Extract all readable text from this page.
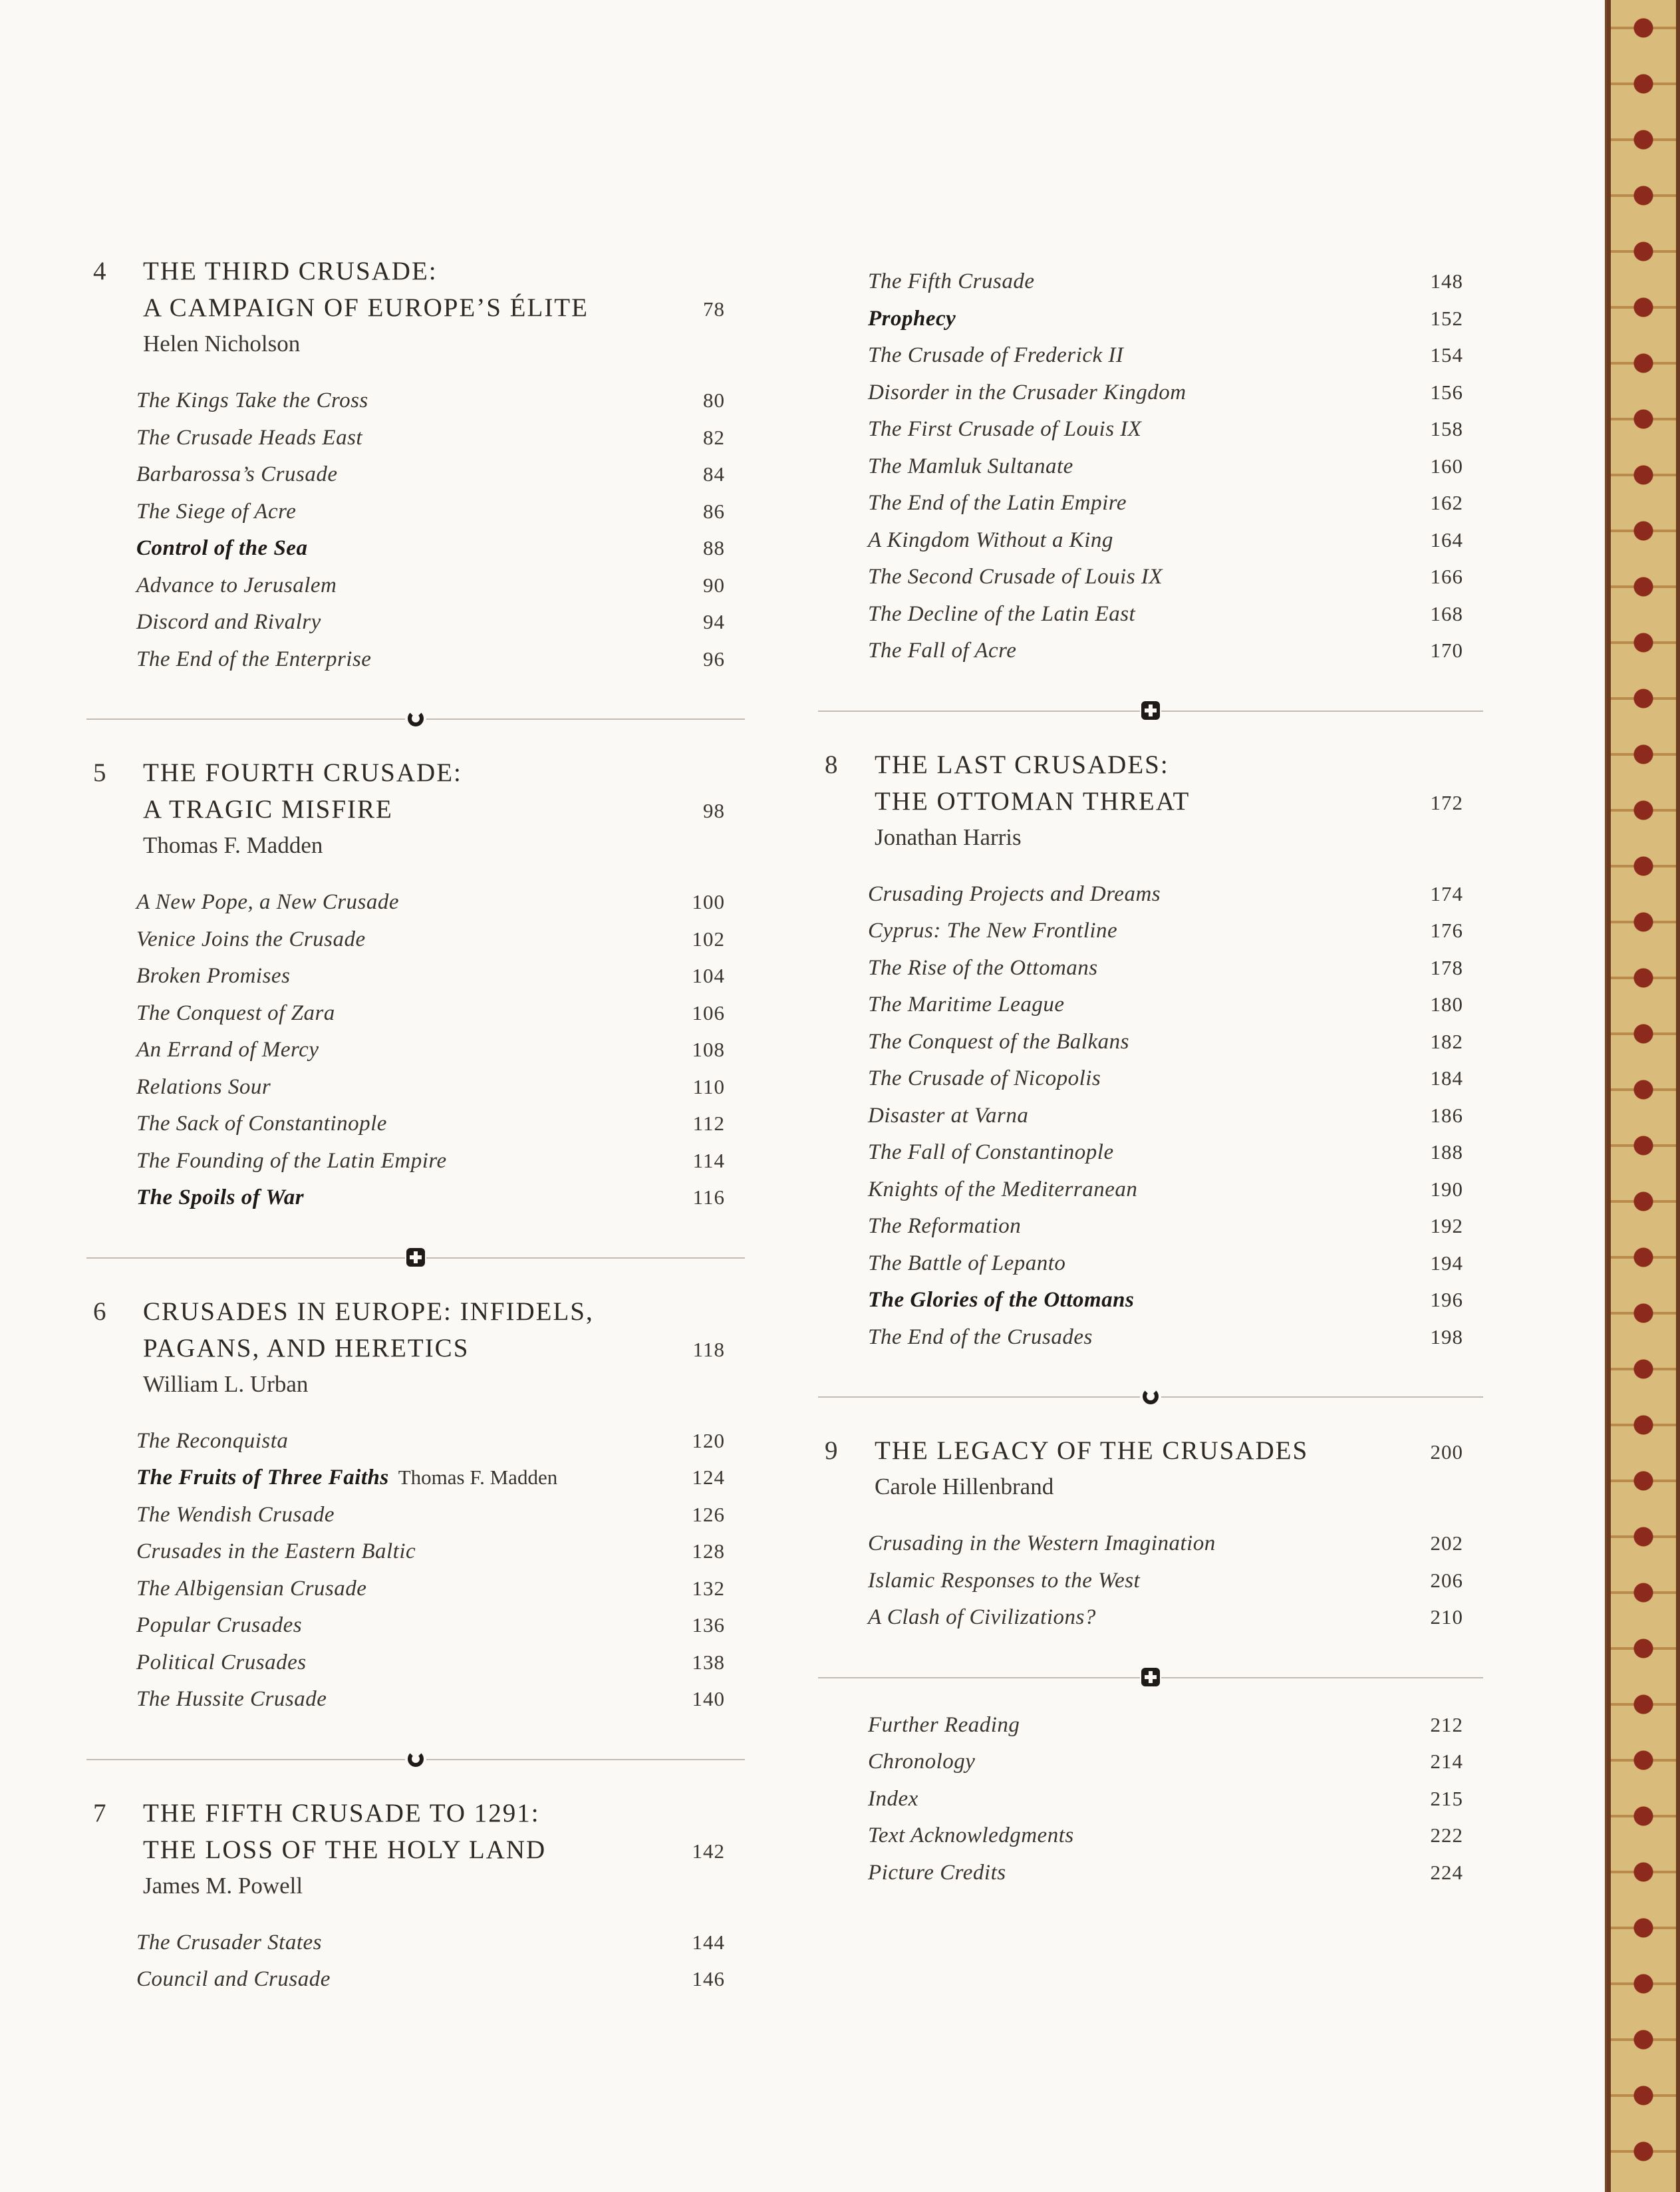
4	THE THIRD CRUSADE:
A CAMPAIGN OF EUROPE’S ÉLITE	78
Helen Nicholson
The Kings Take the Cross	80
The Crusade Heads East	82
Barbarossa’s Crusade	84
The Siege of Acre	86
Control of the Sea	88
Advance to Jerusalem	90
Discord and Rivalry	94
The End of the Enterprise	96
5	THE FOURTH CRUSADE:
A TRAGIC MISFIRE	98
Thomas F. Madden
A New Pope, a New Crusade	100
Venice Joins the Crusade	102
Broken Promises	104
The Conquest of Zara	106
An Errand of Mercy	108
Relations Sour	110
The Sack of Constantinople	112
The Founding of the Latin Empire	114
The Spoils of War	116
6	CRUSADES IN EUROPE: INFIDELS,
PAGANS, AND HERETICS	118
William L. Urban
The Reconquista	120
The Fruits of Three Faiths Thomas F. Madden	124
The Wendish Crusade	126
Crusades in the Eastern Baltic	128
The Albigensian Crusade	132
Popular Crusades	136
Political Crusades	138
The Hussite Crusade	140
7	THE FIFTH CRUSADE TO 1291:
THE LOSS OF THE HOLY LAND	142
James M. Powell
The Crusader States	144
Council and Crusade	146
The Fifth Crusade	148
Prophecy	152
The Crusade of Frederick II	154
Disorder in the Crusader Kingdom	156
The First Crusade of Louis IX	158
The Mamluk Sultanate	160
The End of the Latin Empire	162
A Kingdom Without a King	164
The Second Crusade of Louis IX	166
The Decline of the Latin East	168
The Fall of Acre	170
8	THE LAST CRUSADES:
THE OTTOMAN THREAT	172
Jonathan Harris
Crusading Projects and Dreams	174
Cyprus: The New Frontline	176
The Rise of the Ottomans	178
The Maritime League	180
The Conquest of the Balkans	182
The Crusade of Nicopolis	184
Disaster at Varna	186
The Fall of Constantinople	188
Knights of the Mediterranean	190
The Reformation	192
The Battle of Lepanto	194
The Glories of the Ottomans	196
The End of the Crusades	198
9	THE LEGACY OF THE CRUSADES	200
Carole Hillenbrand
Crusading in the Western Imagination	202
Islamic Responses to the West	206
A Clash of Civilizations?	210
Further Reading	212
Chronology	214
Index	215
Text Acknowledgments	222
Picture Credits	224
